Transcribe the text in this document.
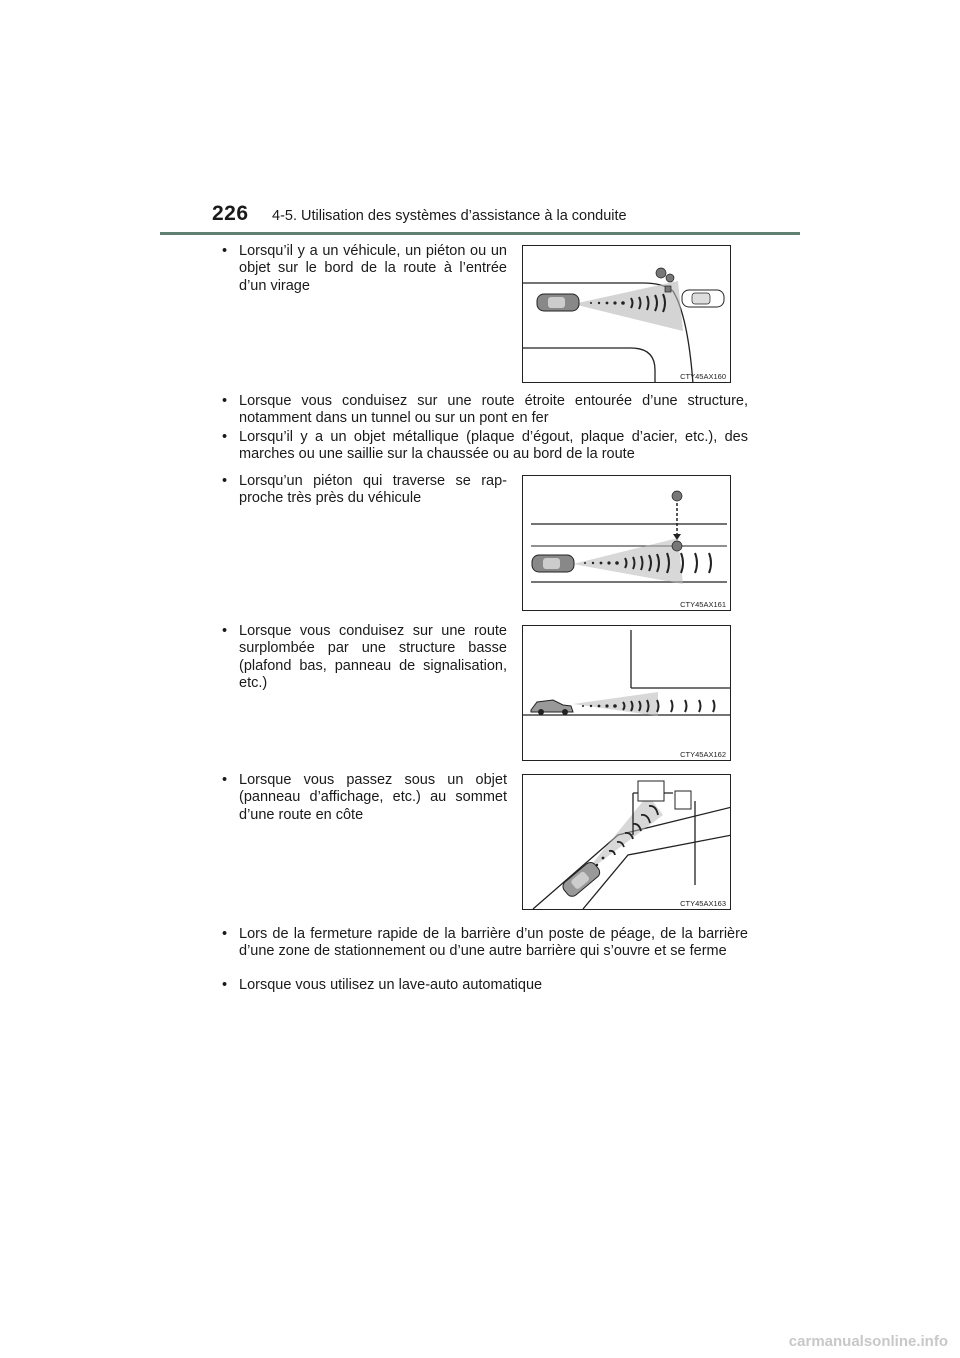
226 4-5. Utilisation des systèmes d’assistance à la conduite
• Lorsqu’il y a un véhicule, un piéton ou un objet sur le bord de la route à l’entrée d’un virage
CTY45AX160
• Lorsque vous conduisez sur une route étroite entourée d’une structure, notamment dans un tunnel ou sur un pont en fer
• Lorsqu’il y a un objet métallique (plaque d’égout, plaque d’acier, etc.), des marches ou une saillie sur la chaussée ou au bord de la route
• Lorsqu’un piéton qui traverse se rapproche très près du véhicule
CTY45AX161
• Lorsque vous conduisez sur une route surplombée par une structure basse (plafond bas, panneau de signalisation, etc.)
CTY45AX162
• Lorsque vous passez sous un objet (panneau d’affichage, etc.) au sommet d’une route en côte
CTY45AX163
• Lors de la fermeture rapide de la barrière d’un poste de péage, de la barrière d’une zone de stationnement ou d’une autre barrière qui s’ouvre et se ferme
• Lorsque vous utilisez un lave-auto automatique
carmanualsonline.info
